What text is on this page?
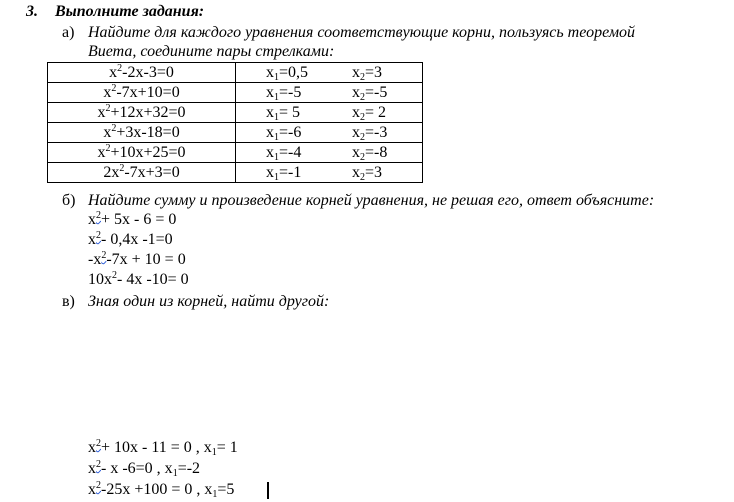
3. Выполните задания:
а) Найдите для каждого уравнения соответствующие корни, пользуясь теоремой
Виета, соедините пары стрелками:
$x^2-2x-3=0$	$x_1=0,5$ $x_2=3$

$x^2-7x+10=0$	$x_1=-5$ $x_2=-5$

$x^2+12x+32=0$	$x_1= 5$ $x_2= 2$

$x^2+3x-18=0$	$x_1=-6$ $x_2=-3$

$x^2+10x+25=0$	$x_1=-4$ $x_2=-8$

$2x^2-7x+3=0$	$x_1=-1$ $x_2=3$
б) Найдите сумму и произведение корней уравнения, не решая его, ответ объясните:
$x^2+ 5x - 6 = 0$
$x^2-$ 0,4x -1=0
$-x^2-7x + 10 = 0$
$10x^2-$ 4x -10= 0
в) Зная один из корней, найти другой:
$x^2+ 10x - 11 = 0$ , $x_1= 1$
$x^2-$ x -6=0 , $x_1=-2$
$x^2-25x +100 = 0$ , $x_1=5$
